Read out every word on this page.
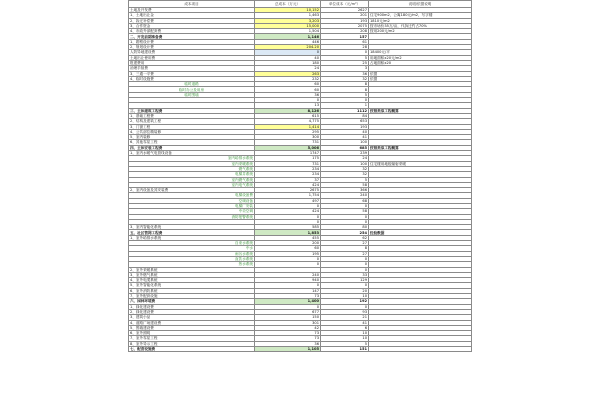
成本项目	总成本（万元）	单位成本（元/m²）	说明/依据说明
土地及开发费	10,152	2627	
1、土地出让金	1,463	201	住宅900m2，公寓180元/m2，写字楼
2、拆迁补偿费	3,203	193	1810元/m2
3、合作资金	15,000	2075	按市场价35万/亩，代拆迁约占70%
4、市政外部配套费	1,504	208	按用200元/m2
二、开发前期准备费	1,146	157	
1、勘察设计费	446	61	
2、规划设计费	204.20	28	
人防异地建设费	0	0	18400元/平
土地出让使用费	40	5	用地面积x20元/m2
报建费用	180	25	占地面积x20
治理手续费	24	3	
3、三通一平费	263	36	依据
4、临时设施费	232	32	依据
临时道路	60	8	
临时办公及用房	60	8	
临时围墙	36	5	
	0	0	
	13	1	
三、主体建筑工程费	8,126	1112	按照类似工程概算
1、基础工程费	615	84	
2、结构及建筑工程	4,775	653	
3、门窗工程	1,414	193	
4、公共部位精装修	295	40	
5、室内装修	300	41	
6、其他零星工程	731	100	
四、主体安装工程费	5,006	685	按照类似工程概算
1、室内水暖气电管线设备	1747	239	
室内给排水系统	175	24	
室内采暖系统	731	100	住宅楼用地板辐射采暖
燃气系统	234	32	
电梯井系统	234	32	
室内燃气系统	37	5	
室内电气系统	424	58	
2、室内设备及其安装费	2675	366	
电梯设备费	1,754	240	
空调设备	497	68	
电梯厂安装	0	0	
中央空调	424	58	
消防报警系统	0	0	
	0	0	
3、室内智能化系统	585	80	
五、社区管网工程费	1,853	254	经验数据
1、室外给排水系统	455	62	
自来水系统	200	27	
中水	60	8	
雨污水系统	195	27	
直饮水系统	0	0	
热水系统	0	0	
2、室外采暖系统		0	
3、室外燃气系统	240	33	
4、室外电缆系统	940	129	
5、室外智能化系统	0	0	
6、室外消防系统	147	20	
7、室外配套设施	73	10	
六、园林环境费	1,400	192	
1、绿化建设费	0	0	
2、绿化建设费	677	93	
3、建筑小品	150	21	
4、道路广场建设费	301	41	
5、围墙建设费	42	6	
6、室外照明	73	10	
7、室外零星工程	73	10	
8、室外导示工程	36	5	
七、配套设施费	1,105	151	
